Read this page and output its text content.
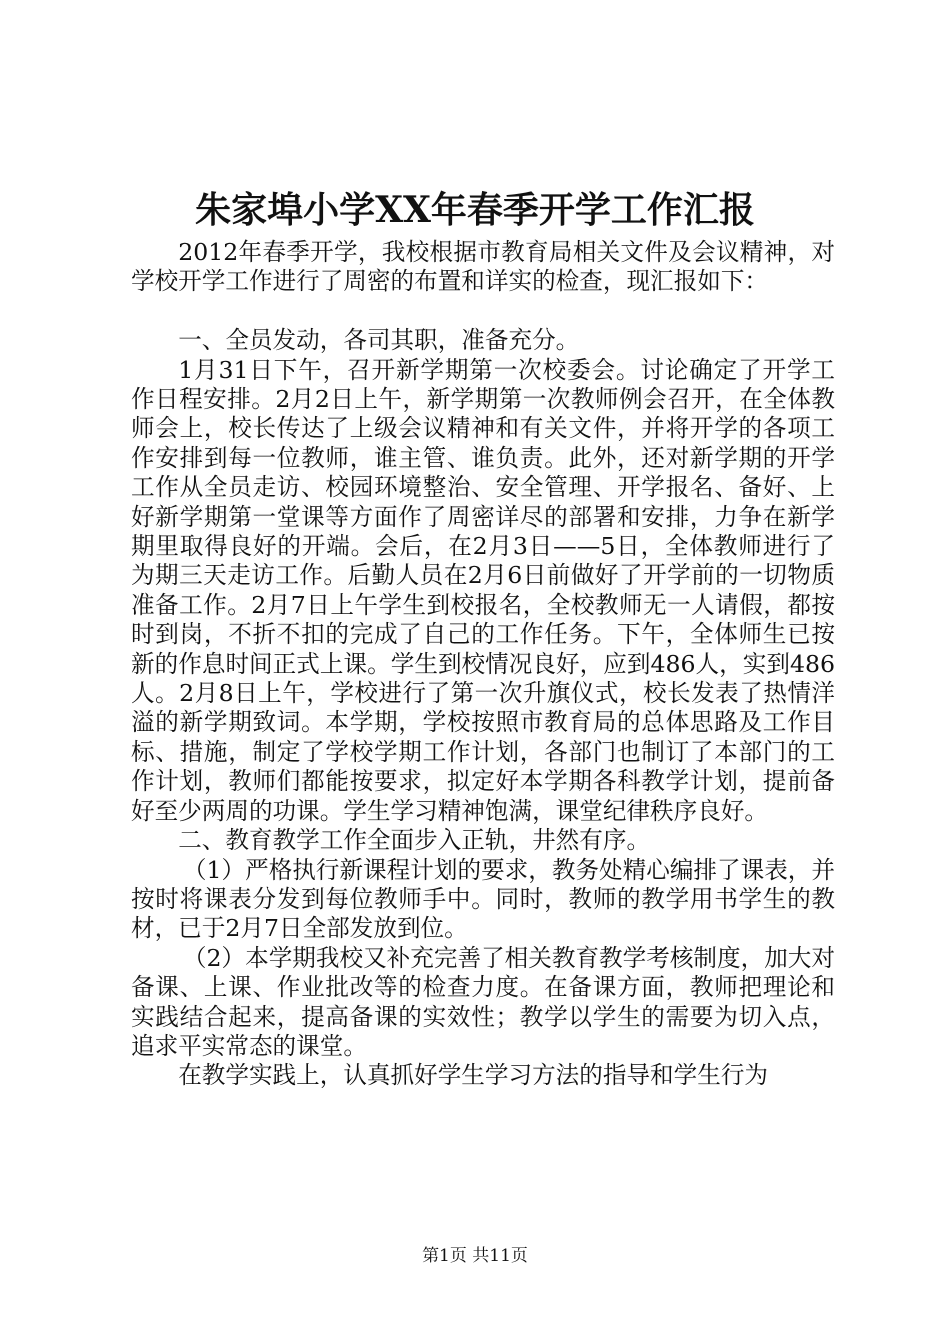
朱家埠小学XX年春季开学工作汇报

2012年春季开学，我校根据市教育局相关文件及会议精神，对学校开学工作进行了周密的布置和详实的检查，现汇报如下：

一、全员发动，各司其职，准备充分。

1月31日下午，召开新学期第一次校委会。讨论确定了开学工作日程安排。2月2日上午，新学期第一次教师例会召开，在全体教师会上，校长传达了上级会议精神和有关文件，并将开学的各项工作安排到每一位教师，谁主管、谁负责。此外，还对新学期的开学工作从全员走访、校园环境整治、安全管理、开学报名、备好、上好新学期第一堂课等方面作了周密详尽的部署和安排，力争在新学期里取得良好的开端。会后，在2月3日——5日，全体教师进行了为期三天走访工作。后勤人员在2月6日前做好了开学前的一切物质准备工作。2月7日上午学生到校报名，全校教师无一人请假，都按时到岗，不折不扣的完成了自己的工作任务。下午，全体师生已按新的作息时间正式上课。学生到校情况良好，应到486人，实到486人。2月8日上午，学校进行了第一次升旗仪式，校长发表了热情洋溢的新学期致词。本学期，学校按照市教育局的总体思路及工作目标、措施，制定了学校学期工作计划，各部门也制订了本部门的工作计划，教师们都能按要求，拟定好本学期各科教学计划，提前备好至少两周的功课。学生学习精神饱满，课堂纪律秩序良好。

二、教育教学工作全面步入正轨，井然有序。

（1）严格执行新课程计划的要求，教务处精心编排了课表，并按时将课表分发到每位教师手中。同时，教师的教学用书学生的教材，已于2月7日全部发放到位。

（2）本学期我校又补充完善了相关教育教学考核制度，加大对备课、上课、作业批改等的检查力度。在备课方面，教师把理论和实践结合起来，提高备课的实效性；教学以学生的需要为切入点，追求平实常态的课堂。

在教学实践上，认真抓好学生学习方法的指导和学生行为

第1页 共11页
